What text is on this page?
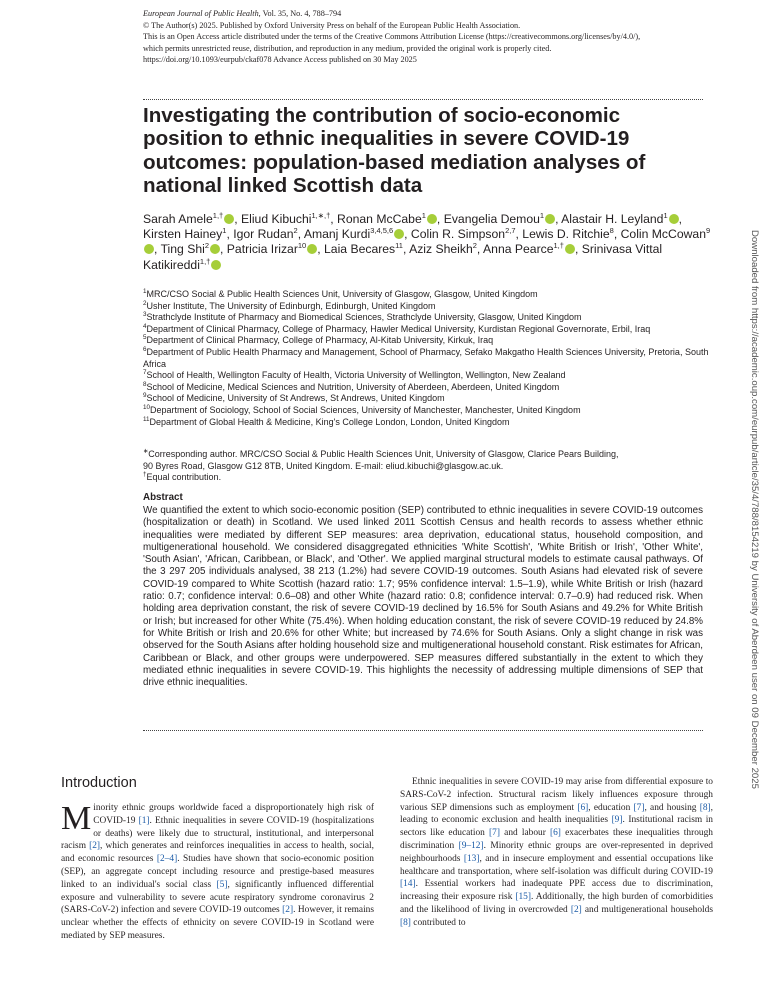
European Journal of Public Health, Vol. 35, No. 4, 788–794
© The Author(s) 2025. Published by Oxford University Press on behalf of the European Public Health Association.
This is an Open Access article distributed under the terms of the Creative Commons Attribution License (https://creativecommons.org/licenses/by/4.0/),
which permits unrestricted reuse, distribution, and reproduction in any medium, provided the original work is properly cited.
https://doi.org/10.1093/eurpub/ckaf078 Advance Access published on 30 May 2025
Investigating the contribution of socio-economic position to ethnic inequalities in severe COVID-19 outcomes: population-based mediation analyses of national linked Scottish data
Sarah Amele$^{1,\dagger}$ , Eliud Kibuchi$^{1,∗,\dagger}$, Ronan McCabe$^1$ , Evangelia Demou$^1$ , Alastair H. Leyland$^1$ , Kirsten Hainey$^1$, Igor Rudan$^2$, Amanj Kurdi$^{3,4,5,6}$ , Colin R. Simpson$^{2,7}$, Lewis D. Ritchie$^8$, Colin McCowan$^9$, Ting Shi$^2$ , Patricia Irizar$^{10}$ , Laia Becares$^{11}$, Aziz Sheikh$^2$, Anna Pearce$^{1,\dagger}$ , Srinivasa Vittal Katikireddi$^{1,\dagger}$
$^1$MRC/CSO Social & Public Health Sciences Unit, University of Glasgow, Glasgow, United Kingdom
$^2$Usher Institute, The University of Edinburgh, Edinburgh, United Kingdom
$^3$Strathclyde Institute of Pharmacy and Biomedical Sciences, Strathclyde University, Glasgow, United Kingdom
$^4$Department of Clinical Pharmacy, College of Pharmacy, Hawler Medical University, Kurdistan Regional Governorate, Erbil, Iraq
$^5$Department of Clinical Pharmacy, College of Pharmacy, Al-Kitab University, Kirkuk, Iraq
$^6$Department of Public Health Pharmacy and Management, School of Pharmacy, Sefako Makgatho Health Sciences University, Pretoria, South Africa
$^7$School of Health, Wellington Faculty of Health, Victoria University of Wellington, Wellington, New Zealand
$^8$School of Medicine, Medical Sciences and Nutrition, University of Aberdeen, Aberdeen, United Kingdom
$^9$School of Medicine, University of St Andrews, St Andrews, United Kingdom
$^{10}$Department of Sociology, School of Social Sciences, University of Manchester, Manchester, United Kingdom
$^{11}$Department of Global Health & Medicine, King's College London, London, United Kingdom
∗Corresponding author. MRC/CSO Social & Public Health Sciences Unit, University of Glasgow, Clarice Pears Building,
90 Byres Road, Glasgow G12 8TB, United Kingdom. E-mail: eliud.kibuchi@glasgow.ac.uk.
†Equal contribution.
Abstract

We quantified the extent to which socio-economic position (SEP) contributed to ethnic inequalities in severe COVID-19 outcomes (hospitalization or death) in Scotland. We used linked 2011 Scottish Census and health records to assess whether ethnic inequalities were mediated by different SEP measures: area deprivation, educational status, household composition, and multigenerational household. We considered disaggregated ethnicities 'White Scottish', 'White British or Irish', 'Other White', 'South Asian', 'African, Caribbean, or Black', and 'Other'. We applied marginal structural models to estimate causal pathways. Of the 3 297 205 individuals analysed, 38 213 (1.2%) had severe COVID-19 outcomes. South Asians had elevated risk of severe COVID-19 compared to White Scottish (hazard ratio: 1.7; 95% confidence interval: 1.5–1.9), while White British or Irish (hazard ratio: 0.7; confidence interval: 0.6–08) and other White (hazard ratio: 0.8; confidence interval: 0.7–0.9) had reduced risk. When holding area deprivation constant, the risk of severe COVID-19 declined by 16.5% for South Asians and 49.2% for White British or Irish; but increased for other White (75.4%). When holding education constant, the risk of severe COVID-19 reduced by 24.8% for White British or Irish and 20.6% for other White; but increased by 74.6% for South Asians. Only a slight change in risk was observed for the South Asians after holding household size and multigenerational household constant. Risk estimates for African, Caribbean or Black, and other groups were underpowered. SEP measures differed substantially in the extent to which they mediated ethnic inequalities in severe COVID-19. This highlights the necessity of addressing multiple dimensions of SEP that drive ethnic inequalities.

Introduction

Minority ethnic groups worldwide faced a disproportionately high risk of COVID-19 [1]. Ethnic inequalities in severe COVID-19 (hospitalizations or deaths) were likely due to structural, institutional, and interpersonal racism [2], which generates and reinforces inequalities in access to health, social, and economic resources [2–4]. Studies have shown that socio-economic position (SEP), an aggregate concept including resource and prestige-based measures linked to an individual's social class [5], significantly influenced differential exposure and vulnerability to severe acute respiratory syndrome coronavirus 2 (SARS-CoV-2) infection and severe COVID-19 outcomes [2]. However, it remains unclear whether the effects of ethnicity on severe COVID-19 in Scotland were mediated by SEP measures.

Ethnic inequalities in severe COVID-19 may arise from differential exposure to SARS-CoV-2 infection. Structural racism likely influences exposure through various SEP dimensions such as employment [6], education [7], and housing [8], leading to economic exclusion and health inequalities [9]. Institutional racism in sectors like education [7] and labour [6] exacerbates these inequalities through discrimination [9–12]. Minority ethnic groups are over-represented in deprived neighbourhoods [13], and in insecure employment and essential occupations like healthcare and transportation, where self-isolation was difficult during COVID-19 [14]. Essential workers had inadequate PPE access due to discrimination, increasing their exposure risk [15]. Additionally, the high burden of comorbidities and the likelihood of living in overcrowded [2] and multigenerational households [8] contributed to

Downloaded from https://academic.oup.com/eurpub/article/35/4/788/8154219 by University of Aberdeen user on 09 December 2025
